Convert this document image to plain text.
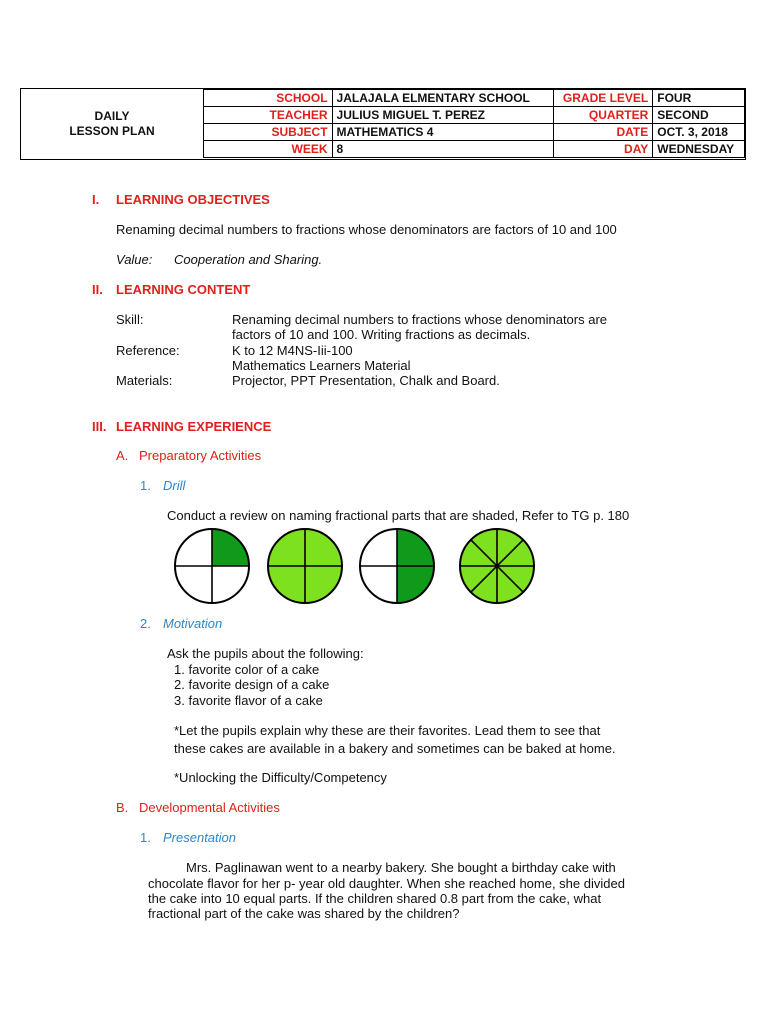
DAILY
LESSON PLAN
SCHOOL	JALAJALA ELMENTARY SCHOOL	GRADE LEVEL	FOUR
TEACHER	JULIUS MIGUEL T. PEREZ	QUARTER	SECOND
SUBJECT	MATHEMATICS 4	DATE	OCT. 3, 2018
WEEK	8	DAY	WEDNESDAY
I. LEARNING OBJECTIVES
Renaming decimal numbers to fractions whose denominators are factors of 10 and 100
Value: Cooperation and Sharing.
II. LEARNING CONTENT
Skill:	Renaming decimal numbers to fractions whose denominators are
factors of 10 and 100. Writing fractions as decimals.
Reference:	K to 12 M4NS-Iii-100
Mathematics Learners Material
Materials:	Projector, PPT Presentation, Chalk and Board.
III. LEARNING EXPERIENCE
A. Preparatory Activities
1. Drill
Conduct a review on naming fractional parts that are shaded, Refer to TG p. 180
2. Motivation
Ask the pupils about the following:
1. favorite color of a cake
2. favorite design of a cake
3. favorite flavor of a cake
*Let the pupils explain why these are their favorites. Lead them to see that
these cakes are available in a bakery and sometimes can be baked at home.
*Unlocking the Difficulty/Competency
B. Developmental Activities
1. Presentation
Mrs. Paglinawan went to a nearby bakery. She bought a birthday cake with
chocolate flavor for her p- year old daughter. When she reached home, she divided
the cake into 10 equal parts. If the children shared 0.8 part from the cake, what
fractional part of the cake was shared by the children?
